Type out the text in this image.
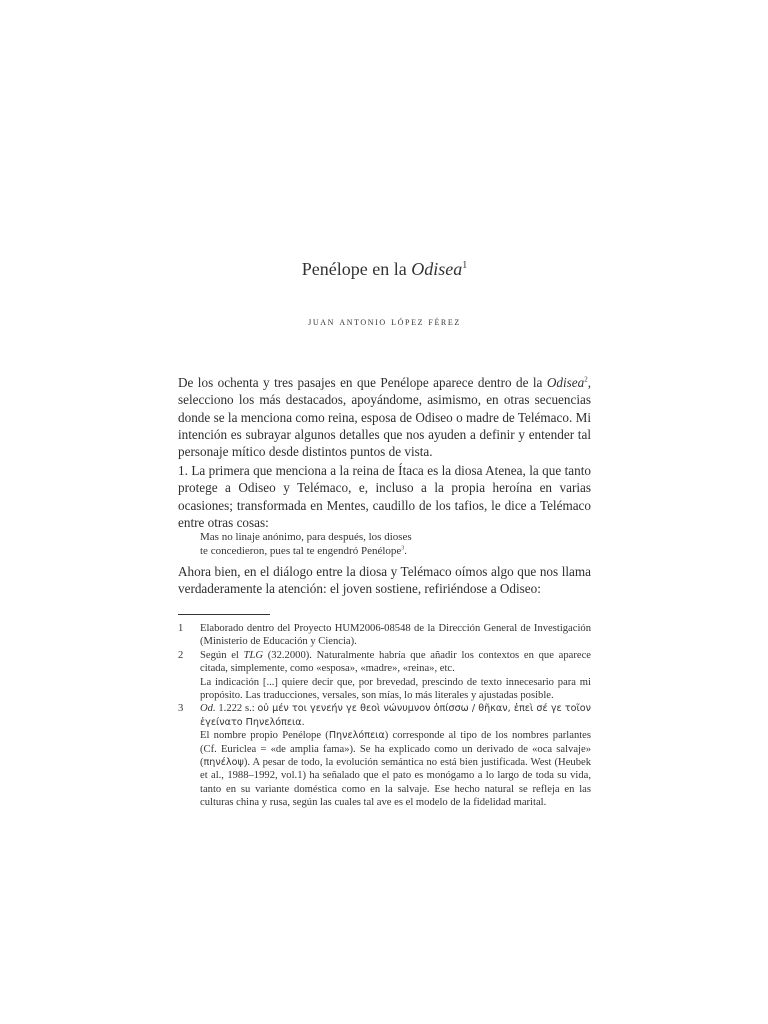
Penélope en la Odisea$^1$
juan antonio lópez férez
De los ochenta y tres pasajes en que Penélope aparece dentro de la Odisea$^2$, selecciono los más destacados, apoyándome, asimismo, en otras secuencias donde se la menciona como reina, esposa de Odiseo o madre de Telémaco. Mi intención es subrayar algunos detalles que nos ayuden a definir y entender tal personaje mítico desde distintos puntos de vista.
1. La primera que menciona a la reina de Ítaca es la diosa Atenea, la que tanto protege a Odiseo y Telémaco, e, incluso a la propia heroína en varias ocasiones; transformada en Mentes, caudillo de los tafios, le dice a Telémaco entre otras cosas:
Mas no linaje anónimo, para después, los dioses
te concedieron, pues tal te engendró Penélope$^3$.
Ahora bien, en el diálogo entre la diosa y Telémaco oímos algo que nos llama verdaderamente la atención: el joven sostiene, refiriéndose a Odiseo:
1 Elaborado dentro del Proyecto HUM2006-08548 de la Dirección General de Investigación (Ministerio de Educación y Ciencia).

2 Según el TLG (32.2000). Naturalmente habría que añadir los contextos en que aparece citada, simplemente, como «esposa», «madre», «reina», etc.

La indicación [...] quiere decir que, por brevedad, prescindo de texto innecesario para mi propósito. Las traducciones, versales, son mías, lo más literales y ajustadas posible.

3 Od. 1.222 s.: οὐ μέν τοι γενεήν γε θεοὶ νώνυμνον ὀπίσσω / θῆκαν, ἐπεὶ σέ γε τοῖον ἐγείνατο Πηνελόπεια.

El nombre propio Penélope (Πηνελόπεια) corresponde al tipo de los nombres parlantes (Cf. Euriclea = «de amplia fama»). Se ha explicado como un derivado de «oca salvaje» (πηνέλοψ). A pesar de todo, la evolución semántica no está bien justificada. West (Heubek et al., 1988–1992, vol.1) ha señalado que el pato es monógamo a lo largo de toda su vida, tanto en su variante doméstica como en la salvaje. Ese hecho natural se refleja en las culturas china y rusa, según las cuales tal ave es el modelo de la fidelidad marital.
